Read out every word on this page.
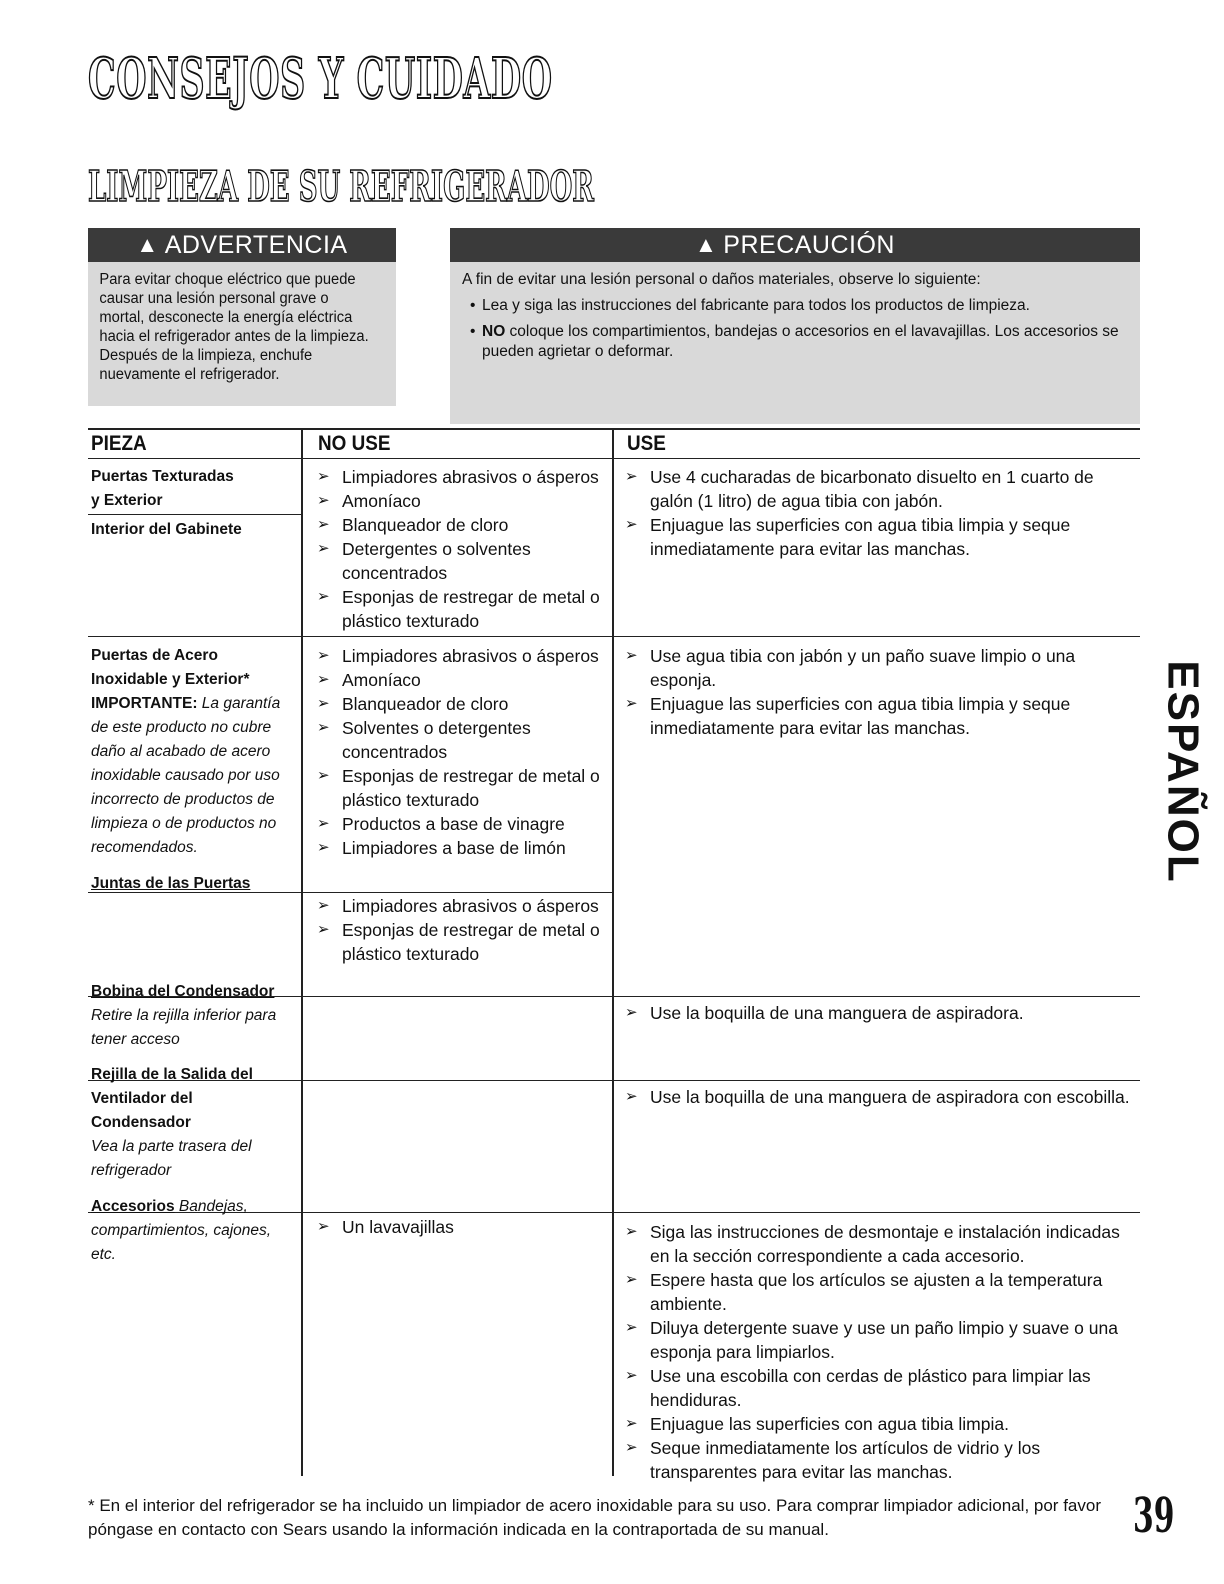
CONSEJOS Y CUIDADO
LIMPIEZA DE SU REFRIGERADOR
▲ ADVERTENCIA
Para evitar choque eléctrico que puede causar una lesión personal grave o mortal, desconecte la energía eléctrica hacia el refrigerador antes de la limpieza. Después de la limpieza, enchufe nuevamente el refrigerador.
▲ PRECAUCIÓN

A fin de evitar una lesión personal o daños materiales, observe lo siguiente:

• Lea y siga las instrucciones del fabricante para todos los productos de limpieza.
• NO coloque los compartimientos, bandejas o accesorios en el lavavajillas. Los accesorios se pueden agrietar o deformar.
PIEZA	NO USE	USE
Puertas Texturadas y Exterior
Interior del Gabinete
➢ Limpiadores abrasivos o ásperos
➢ Amoníaco
➢ Blanqueador de cloro
➢ Detergentes o solventes concentrados
➢ Esponjas de restregar de metal o plástico texturado
➢ Use 4 cucharadas de bicarbonato disuelto en 1 cuarto de galón (1 litro) de agua tibia con jabón.
➢ Enjuague las superficies con agua tibia limpia y seque inmediatamente para evitar las manchas.
Puertas de Acero Inoxidable y Exterior*
IMPORTANTE: La garantía de este producto no cubre daño al acabado de acero inoxidable causado por uso incorrecto de productos de limpieza o de productos no recomendados.
➢ Limpiadores abrasivos o ásperos
➢ Amoníaco
➢ Blanqueador de cloro
➢ Solventes o detergentes concentrados
➢ Esponjas de restregar de metal o plástico texturado
➢ Productos a base de vinagre
➢ Limpiadores a base de limón
➢ Use agua tibia con jabón y un paño suave limpio o una esponja.
➢ Enjuague las superficies con agua tibia limpia y seque inmediatamente para evitar las manchas.
Juntas de las Puertas
➢ Limpiadores abrasivos o ásperos
➢ Esponjas de restregar de metal o plástico texturado
Bobina del Condensador
Retire la rejilla inferior para tener acceso
➢ Use la boquilla de una manguera de aspiradora.
Rejilla de la Salida del Ventilador del Condensador
Vea la parte trasera del refrigerador
➢ Use la boquilla de una manguera de aspiradora con escobilla.
Accesorios Bandejas, compartimientos, cajones, etc.
➢ Un lavavajillas
➢	Siga las instrucciones de desmontaje e instalación indicadas en la sección correspondiente a cada accesorio.
➢ Espere hasta que los artículos se ajusten a la temperatura ambiente.
➢ Diluya detergente suave y use un paño limpio y suave o una esponja para limpiarlos.
➢ Use una escobilla con cerdas de plástico para limpiar las hendiduras.
➢ Enjuague las superficies con agua tibia limpia.
➢ Seque inmediatamente los artículos de vidrio y los transparentes para evitar las manchas.
ESPAÑOL
* En el interior del refrigerador se ha incluido un limpiador de acero inoxidable para su uso. Para comprar limpiador adicional, por favor póngase en contacto con Sears usando la información indicada en la contraportada de su manual.	39
